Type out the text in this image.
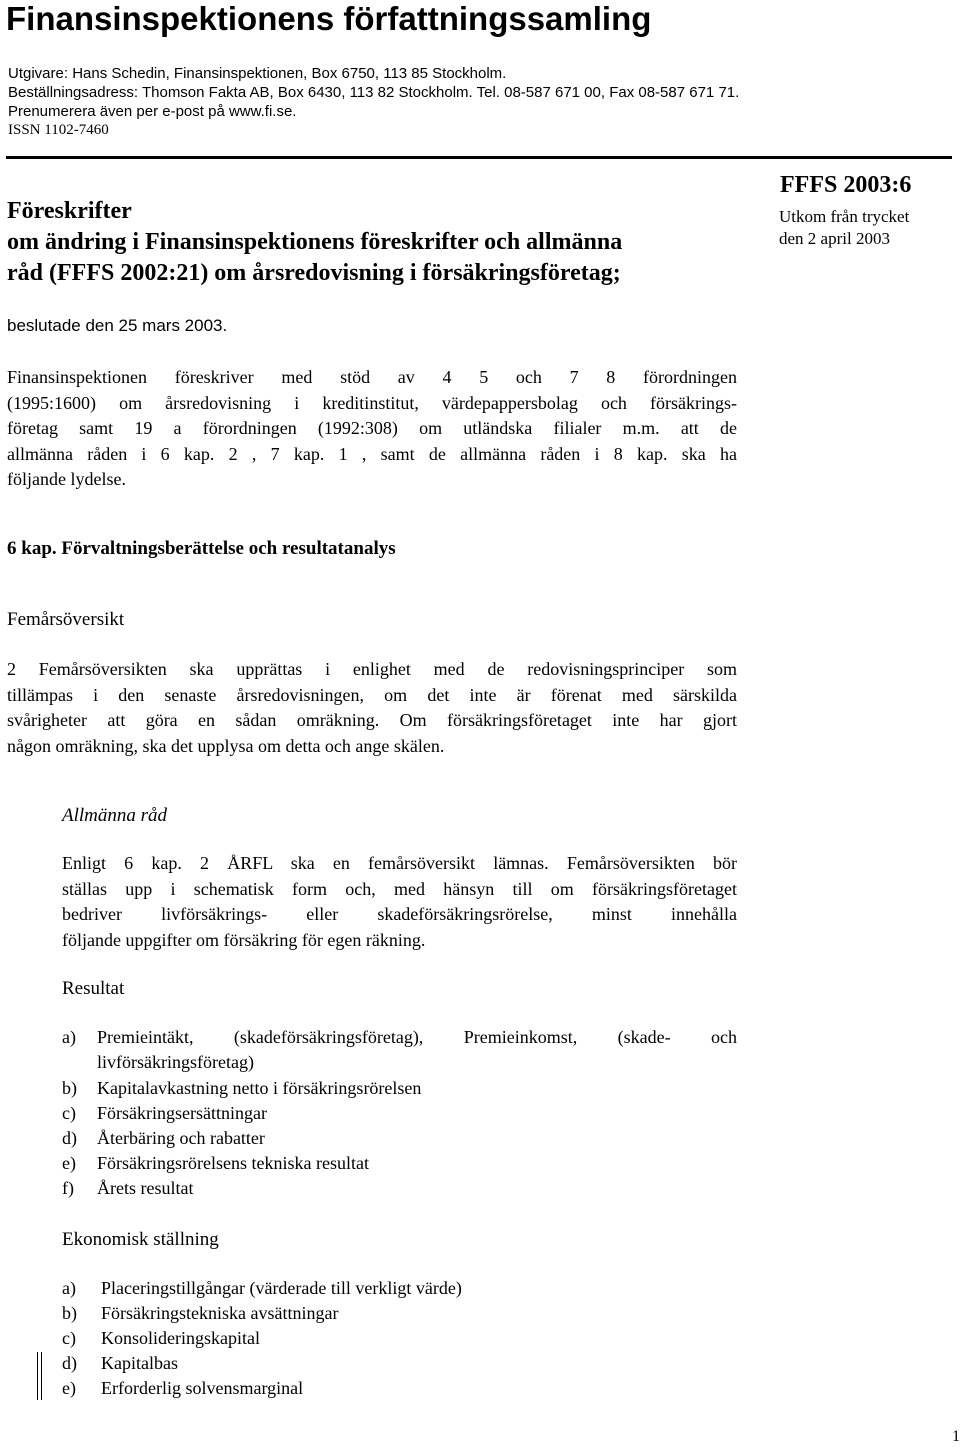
Finansinspektionens författningssamling
Utgivare: Hans Schedin, Finansinspektionen, Box 6750, 113 85 Stockholm.
Beställningsadress: Thomson Fakta AB, Box 6430, 113 82 Stockholm. Tel. 08-587 671 00, Fax 08-587 671 71.
Prenumerera även per e-post på www.fi.se.
ISSN 1102-7460
Föreskrifter
om ändring i Finansinspektionens föreskrifter och allmänna
råd (FFFS 2002:21) om årsredovisning i försäkringsföretag;
FFFS 2003:6
Utkom från trycket
den 2 april 2003
beslutade den 25 mars 2003.
Finansinspektionen föreskriver med stöd av 4 5 och 7 8 förordningen
(1995:1600) om årsredovisning i kreditinstitut, värdepappersbolag och försäkrings-
företag samt 19 a förordningen (1992:308) om utländska filialer m.m. att de
allmänna råden i 6 kap. 2 , 7 kap. 1 , samt de allmänna råden i 8 kap. ska ha
följande lydelse.
6 kap. Förvaltningsberättelse och resultatanalys
Femårsöversikt
2 Femårsöversikten ska upprättas i enlighet med de redovisningsprinciper som
tillämpas i den senaste årsredovisningen, om det inte är förenat med särskilda
svårigheter att göra en sådan omräkning. Om försäkringsföretaget inte har gjort
någon omräkning, ska det upplysa om detta och ange skälen.
Allmänna råd
Enligt 6 kap. 2 ÅRFL ska en femårsöversikt lämnas. Femårsöversikten bör
ställas upp i schematisk form och, med hänsyn till om försäkringsföretaget
bedriver livförsäkrings- eller skadeförsäkringsrörelse, minst innehålla
följande uppgifter om försäkring för egen räkning.
Resultat
a) Premieintäkt, (skadeförsäkringsföretag), Premieinkomst, (skade- och
livförsäkringsföretag)
b) Kapitalavkastning netto i försäkringsrörelsen
c) Försäkringsersättningar
d) Återbäring och rabatter
e) Försäkringsrörelsens tekniska resultat
f) Årets resultat
Ekonomisk ställning
a) Placeringstillgångar (värderade till verkligt värde)
b) Försäkringstekniska avsättningar
c) Konsolideringskapital
d) Kapitalbas
e) Erforderlig solvensmarginal
1
